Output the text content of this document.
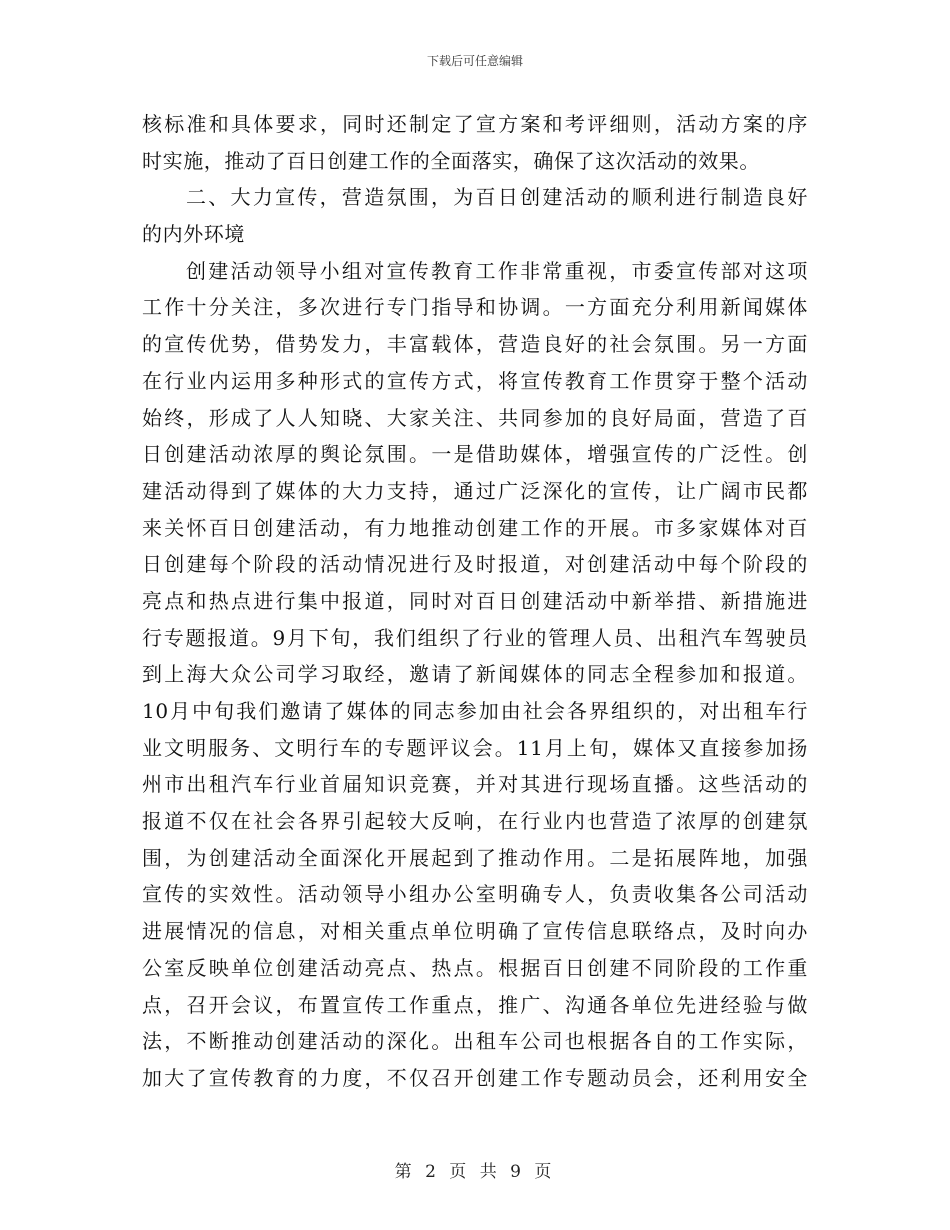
下载后可任意编辑
核标准和具体要求，同时还制定了宣方案和考评细则，活动方案的序
时实施，推动了百日创建工作的全面落实，确保了这次活动的效果。
二、大力宣传，营造氛围，为百日创建活动的顺利进行制造良好
的内外环境
创建活动领导小组对宣传教育工作非常重视，市委宣传部对这项
工作十分关注，多次进行专门指导和协调。一方面充分利用新闻媒体
的宣传优势，借势发力，丰富载体，营造良好的社会氛围。另一方面
在行业内运用多种形式的宣传方式，将宣传教育工作贯穿于整个活动
始终，形成了人人知晓、大家关注、共同参加的良好局面，营造了百
日创建活动浓厚的舆论氛围。一是借助媒体，增强宣传的广泛性。创
建活动得到了媒体的大力支持，通过广泛深化的宣传，让广阔市民都
来关怀百日创建活动，有力地推动创建工作的开展。市多家媒体对百
日创建每个阶段的活动情况进行及时报道，对创建活动中每个阶段的
亮点和热点进行集中报道，同时对百日创建活动中新举措、新措施进
行专题报道。9月下旬，我们组织了行业的管理人员、出租汽车驾驶员
到上海大众公司学习取经，邀请了新闻媒体的同志全程参加和报道。
10月中旬我们邀请了媒体的同志参加由社会各界组织的，对出租车行
业文明服务、文明行车的专题评议会。11月上旬，媒体又直接参加扬
州市出租汽车行业首届知识竞赛，并对其进行现场直播。这些活动的
报道不仅在社会各界引起较大反响，在行业内也营造了浓厚的创建氛
围，为创建活动全面深化开展起到了推动作用。二是拓展阵地，加强
宣传的实效性。活动领导小组办公室明确专人，负责收集各公司活动
进展情况的信息，对相关重点单位明确了宣传信息联络点，及时向办
公室反映单位创建活动亮点、热点。根据百日创建不同阶段的工作重
点，召开会议，布置宣传工作重点，推广、沟通各单位先进经验与做
法，不断推动创建活动的深化。出租车公司也根据各自的工作实际，
加大了宣传教育的力度，不仅召开创建工作专题动员会，还利用安全
第 2 页 共 9 页
